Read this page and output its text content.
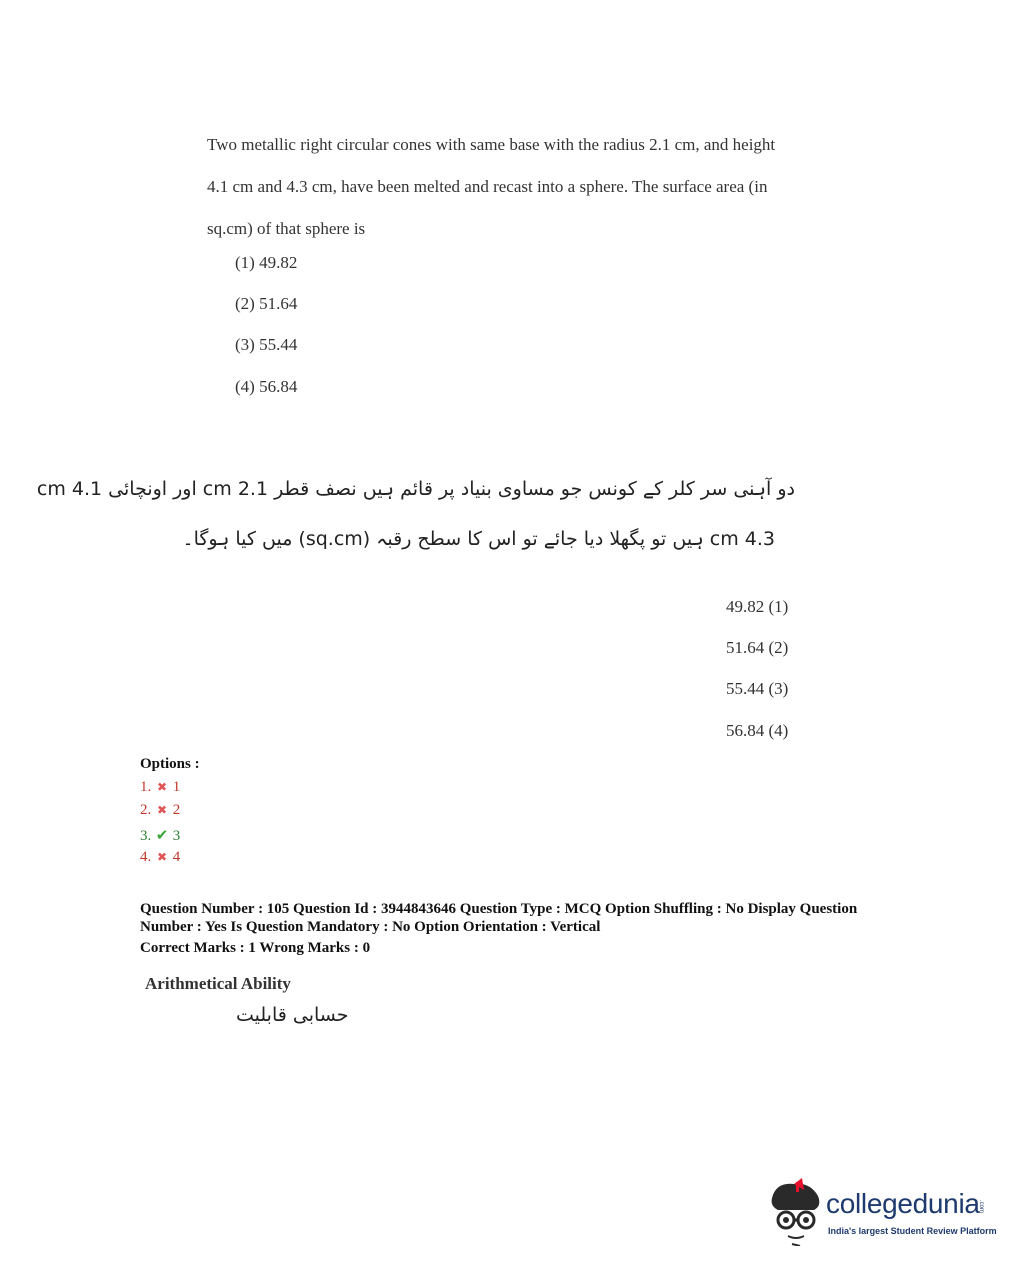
Two metallic right circular cones with same base with the radius 2.1 cm, and height

4.1 cm and 4.3 cm, have been melted and recast into a sphere. The surface area (in

sq.cm) of that sphere is

(1) 49.82
(2) 51.64
(3) 55.44
(4) 56.84
دو آہنی سر کلر کے کونس جو مساوی بنیاد پر قائم ہیں نصف قطر 2.1 cm اور اونچائی 4.1 cm
4.3 cm ہیں تو پگھلا دیا جائے تو اس کا سطح رقبہ (sq.cm) میں کیا ہوگا۔
49.82 (1)
51.64 (2)
55.44 (3)
56.84 (4)
Options :
1. ✖ 1
2. ✖ 2
3. ✔ 3
4. ✖ 4
Question Number : 105 Question Id : 3944843646 Question Type : MCQ Option Shuffling : No Display Question
Number : Yes Is Question Mandatory : No Option Orientation : Vertical
Correct Marks : 1 Wrong Marks : 0
Arithmetical Ability
حسابی قابلیت
collegedunia
India's largest Student Review Platform
.com
